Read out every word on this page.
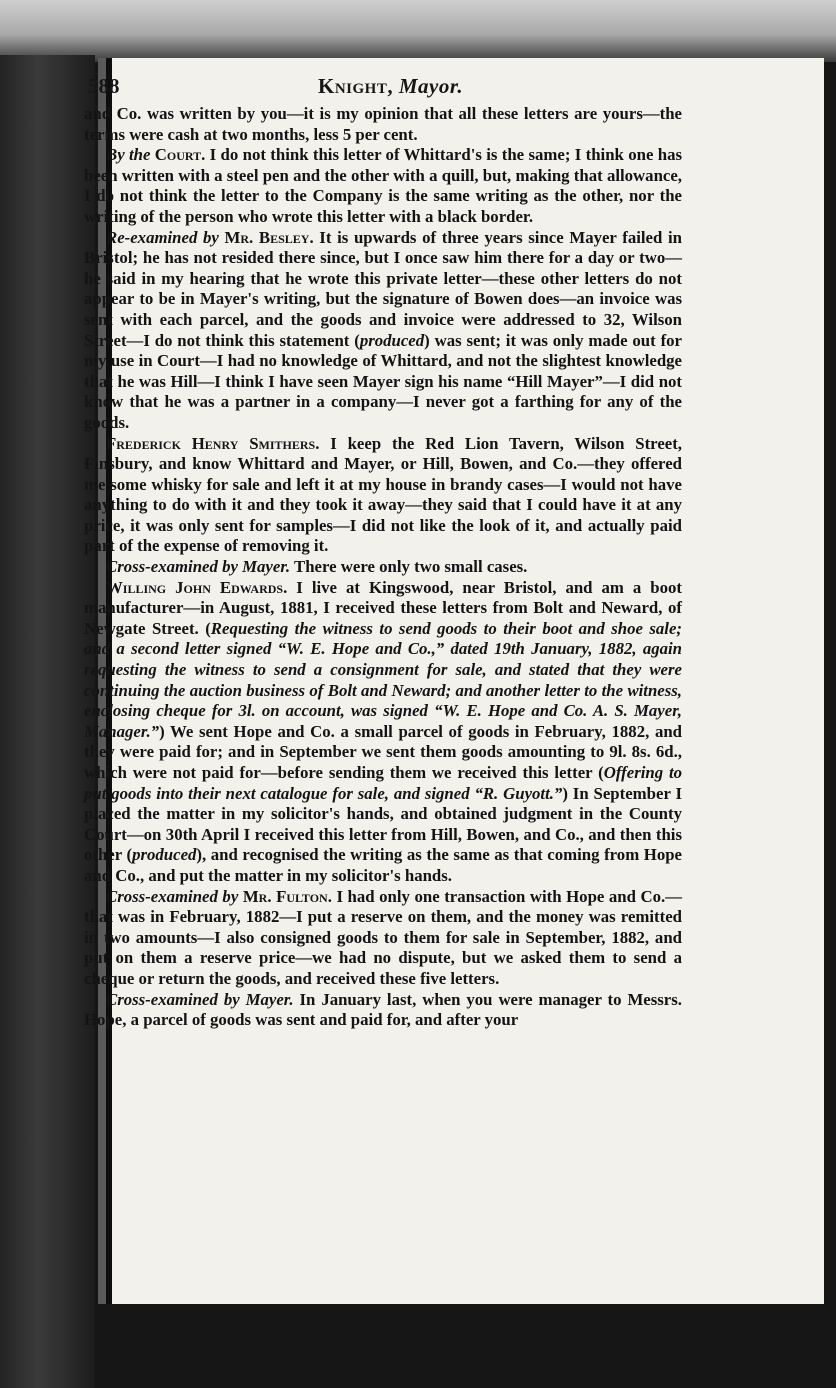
588	Knight, Mayor.

and Co. was written by you—it is my opinion that all these letters are yours—the terms were cash at two months, less 5 per cent.

By the Court. I do not think this letter of Whittard's is the same; I think one has been written with a steel pen and the other with a quill, but, making that allowance, I do not think the letter to the Company is the same writing as the other, nor the writing of the person who wrote this letter with a black border.

Re-examined by Mr. Besley. It is upwards of three years since Mayer failed in Bristol; he has not resided there since, but I once saw him there for a day or two—he said in my hearing that he wrote this private letter—these other letters do not appear to be in Mayer's writing, but the signature of Bowen does—an invoice was sent with each parcel, and the goods and invoice were addressed to 32, Wilson Street—I do not think this statement (produced) was sent; it was only made out for my use in Court—I had no knowledge of Whittard, and not the slightest knowledge that he was Hill—I think I have seen Mayer sign his name “Hill Mayer”—I did not know that he was a partner in a company—I never got a farthing for any of the goods.

Frederick Henry Smithers. I keep the Red Lion Tavern, Wilson Street, Finsbury, and know Whittard and Mayer, or Hill, Bowen, and Co.—they offered me some whisky for sale and left it at my house in brandy cases—I would not have anything to do with it and they took it away—they said that I could have it at any price, it was only sent for samples—I did not like the look of it, and actually paid part of the expense of removing it.

Cross-examined by Mayer. There were only two small cases.

Willing John Edwards. I live at Kingswood, near Bristol, and am a boot manufacturer—in August, 1881, I received these letters from Bolt and Neward, of Newgate Street. (Requesting the witness to send goods to their boot and shoe sale; and a second letter signed “W. E. Hope and Co.,” dated 19th January, 1882, again requesting the witness to send a consignment for sale, and stated that they were continuing the auction business of Bolt and Neward; and another letter to the witness, enclosing cheque for 3l. on account, was signed “W. E. Hope and Co. A. S. Mayer, Manager.”) We sent Hope and Co. a small parcel of goods in February, 1882, and they were paid for; and in September we sent them goods amounting to 9l. 8s. 6d., which were not paid for—before sending them we received this letter (Offering to put goods into their next catalogue for sale, and signed “R. Guyott.”) In September I placed the matter in my solicitor's hands, and obtained judgment in the County Court—on 30th April I received this letter from Hill, Bowen, and Co., and then this other (produced), and recognised the writing as the same as that coming from Hope and Co., and put the matter in my solicitor's hands.

Cross-examined by Mr. Fulton. I had only one transaction with Hope and Co.—that was in February, 1882—I put a reserve on them, and the money was remitted in two amounts—I also consigned goods to them for sale in September, 1882, and put on them a reserve price—we had no dispute, but we asked them to send a cheque or return the goods, and received these five letters.

Cross-examined by Mayer. In January last, when you were manager to Messrs. Hope, a parcel of goods was sent and paid for, and after your
